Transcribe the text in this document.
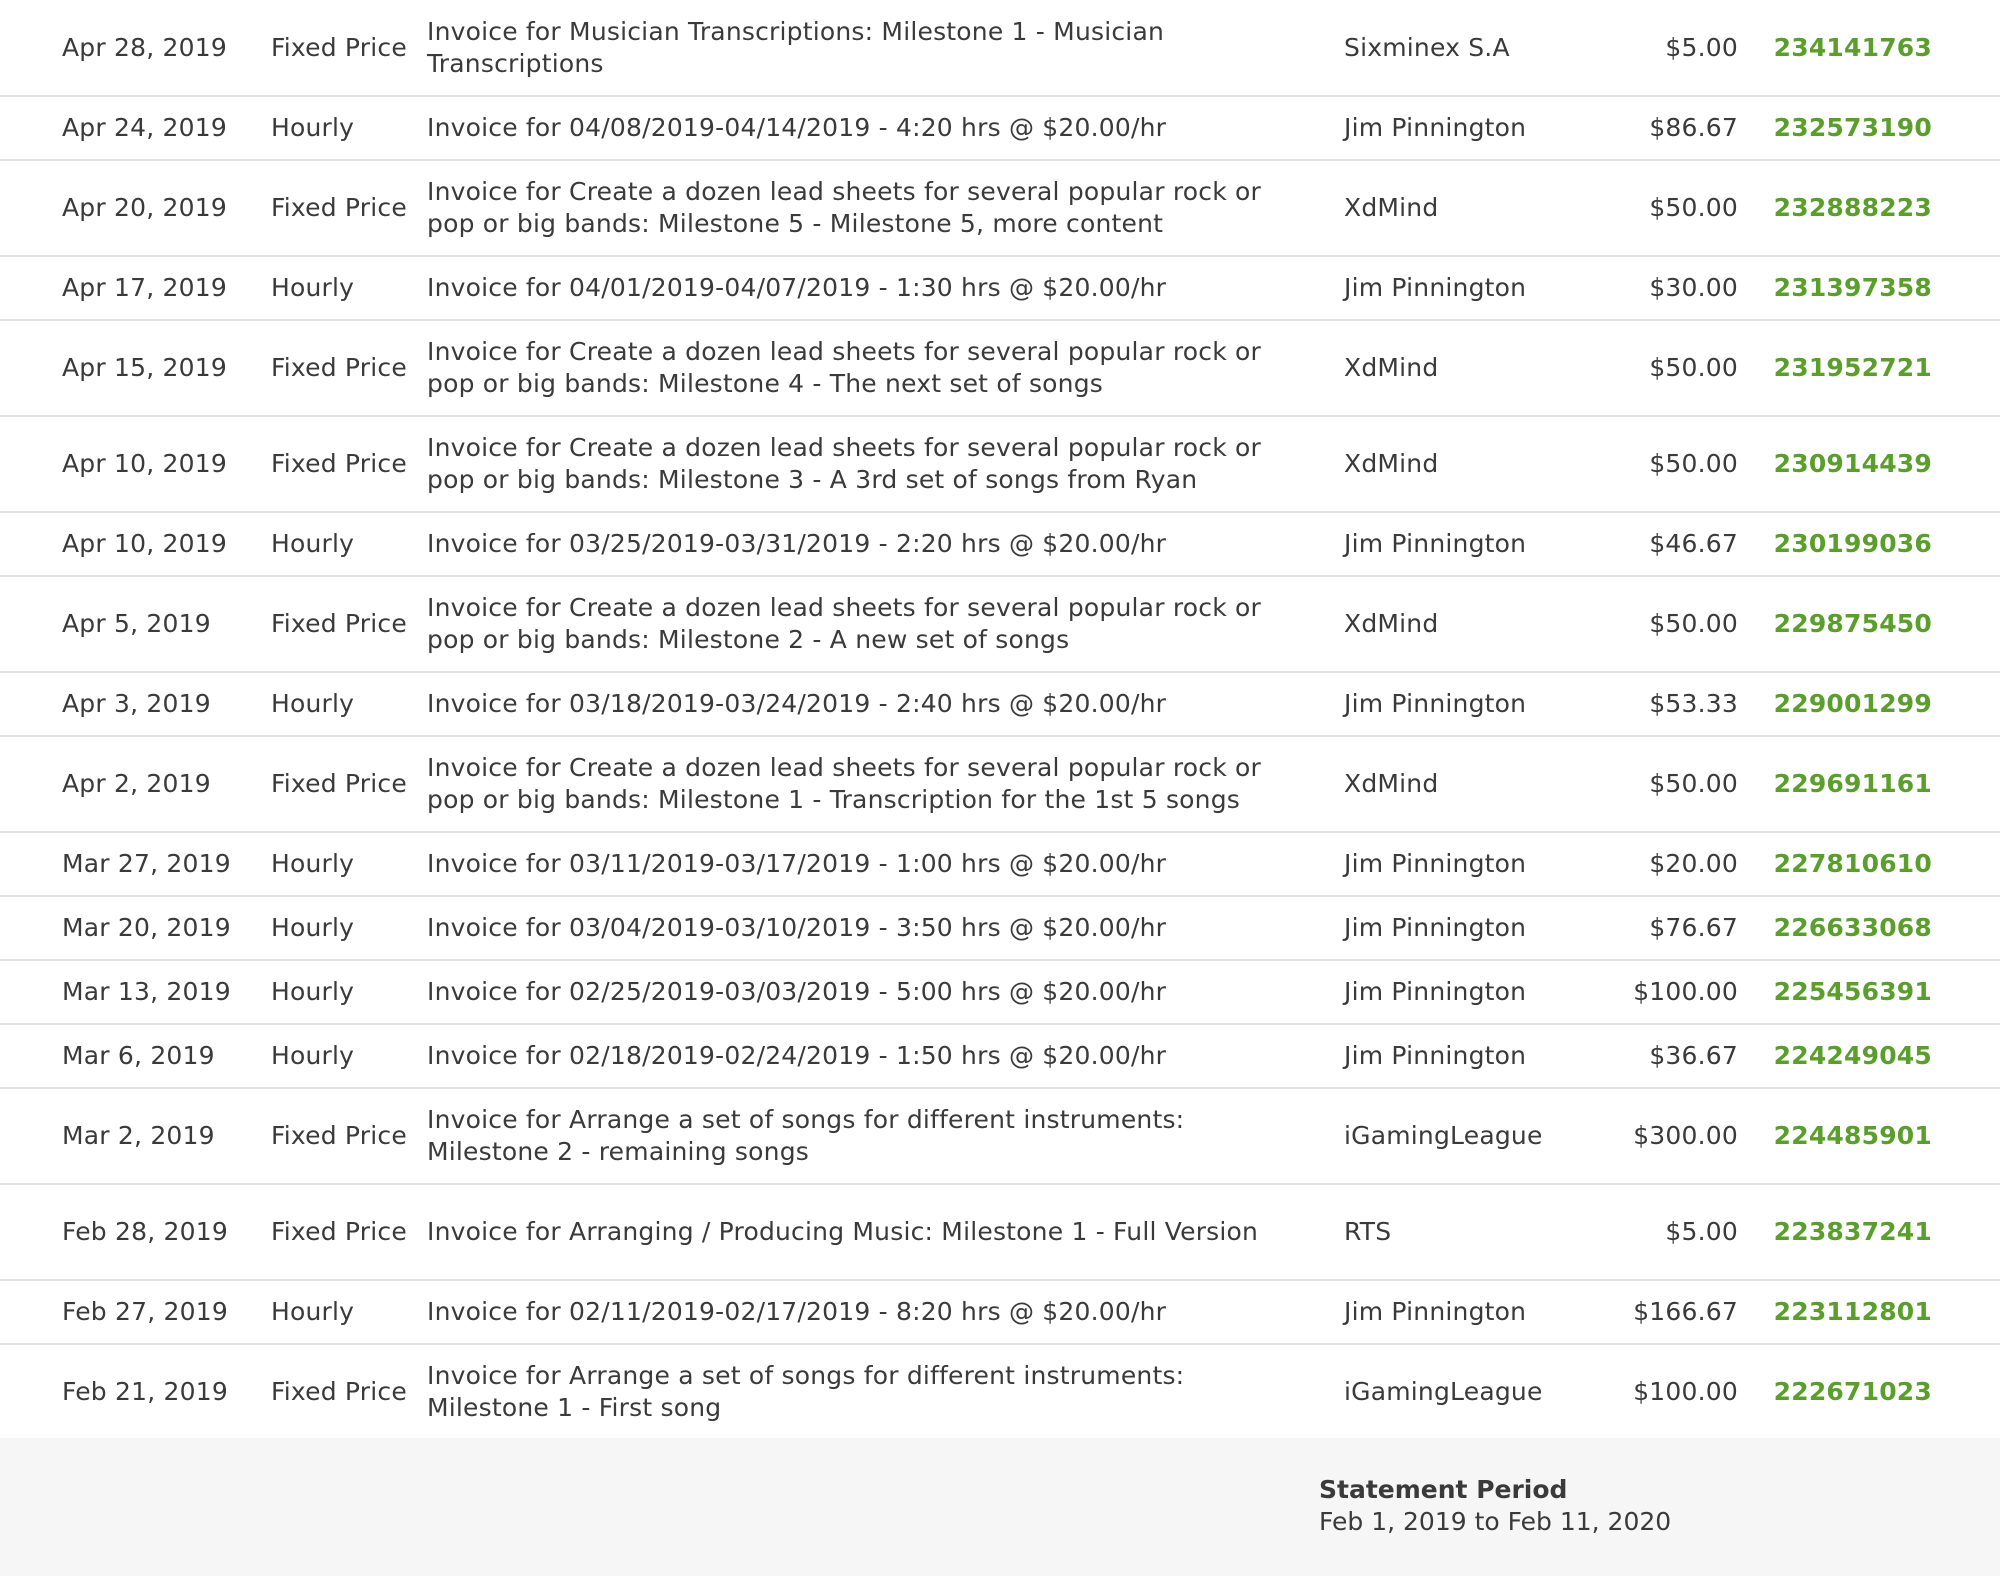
Apr 28, 2019	Fixed Price	Invoice for Musician Transcriptions: Milestone 1 - Musician Transcriptions	Sixminex S.A	$5.00	234141763
Apr 24, 2019	Hourly	Invoice for 04/08/2019-04/14/2019 - 4:20 hrs @ $20.00/hr	Jim Pinnington	$86.67	232573190
Apr 20, 2019	Fixed Price	Invoice for Create a dozen lead sheets for several popular rock or pop or big bands: Milestone 5 - Milestone 5, more content	XdMind	$50.00	232888223
Apr 17, 2019	Hourly	Invoice for 04/01/2019-04/07/2019 - 1:30 hrs @ $20.00/hr	Jim Pinnington	$30.00	231397358
Apr 15, 2019	Fixed Price	Invoice for Create a dozen lead sheets for several popular rock or pop or big bands: Milestone 4 - The next set of songs	XdMind	$50.00	231952721
Apr 10, 2019	Fixed Price	Invoice for Create a dozen lead sheets for several popular rock or pop or big bands: Milestone 3 - A 3rd set of songs from Ryan	XdMind	$50.00	230914439
Apr 10, 2019	Hourly	Invoice for 03/25/2019-03/31/2019 - 2:20 hrs @ $20.00/hr	Jim Pinnington	$46.67	230199036
Apr 5, 2019	Fixed Price	Invoice for Create a dozen lead sheets for several popular rock or pop or big bands: Milestone 2 - A new set of songs	XdMind	$50.00	229875450
Apr 3, 2019	Hourly	Invoice for 03/18/2019-03/24/2019 - 2:40 hrs @ $20.00/hr	Jim Pinnington	$53.33	229001299
Apr 2, 2019	Fixed Price	Invoice for Create a dozen lead sheets for several popular rock or pop or big bands: Milestone 1 - Transcription for the 1st 5 songs	XdMind	$50.00	229691161
Mar 27, 2019	Hourly	Invoice for 03/11/2019-03/17/2019 - 1:00 hrs @ $20.00/hr	Jim Pinnington	$20.00	227810610
Mar 20, 2019	Hourly	Invoice for 03/04/2019-03/10/2019 - 3:50 hrs @ $20.00/hr	Jim Pinnington	$76.67	226633068
Mar 13, 2019	Hourly	Invoice for 02/25/2019-03/03/2019 - 5:00 hrs @ $20.00/hr	Jim Pinnington	$100.00	225456391
Mar 6, 2019	Hourly	Invoice for 02/18/2019-02/24/2019 - 1:50 hrs @ $20.00/hr	Jim Pinnington	$36.67	224249045
Mar 2, 2019	Fixed Price	Invoice for Arrange a set of songs for different instruments: Milestone 2 - remaining songs	iGamingLeague	$300.00	224485901
Feb 28, 2019	Fixed Price	Invoice for Arranging / Producing Music: Milestone 1 - Full Version	RTS	$5.00	223837241
Feb 27, 2019	Hourly	Invoice for 02/11/2019-02/17/2019 - 8:20 hrs @ $20.00/hr	Jim Pinnington	$166.67	223112801
Feb 21, 2019	Fixed Price	Invoice for Arrange a set of songs for different instruments: Milestone 1 - First song	iGamingLeague	$100.00	222671023
Statement Period
Feb 1, 2019 to Feb 11, 2020
